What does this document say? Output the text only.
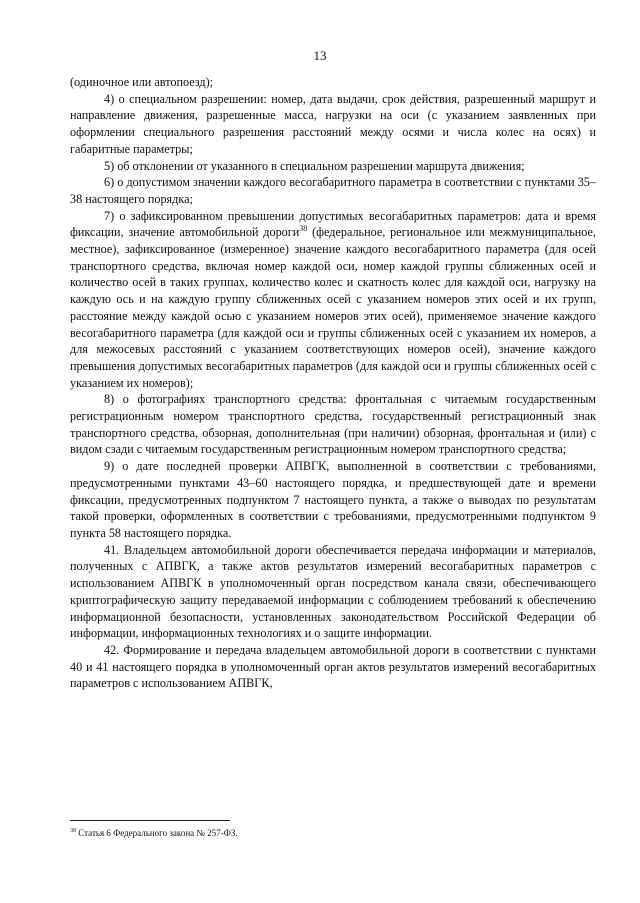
13

(одиночное или автопоезд);

4) о специальном разрешении: номер, дата выдачи, срок действия, разрешенный маршрут и направление движения, разрешенные масса, нагрузки на оси (с указанием заявленных при оформлении специального разрешения расстояний между осями и числа колес на осях) и габаритные параметры;

5) об отклонении от указанного в специальном разрешении маршрута движения;

6) о допустимом значении каждого весогабаритного параметра в соответствии с пунктами 35–38 настоящего порядка;

7) о зафиксированном превышении допустимых весогабаритных параметров: дата и время фиксации, значение автомобильной дороги$^{38}$ (федеральное, региональное или межмуниципальное, местное), зафиксированное (измеренное) значение каждого весогабаритного параметра (для осей транспортного средства, включая номер каждой оси, номер каждой группы сближенных осей и количество осей в таких группах, количество колес и скатность колес для каждой оси, нагрузку на каждую ось и на каждую группу сближенных осей с указанием номеров этих осей и их групп, расстояние между каждой осью с указанием номеров этих осей), применяемое значение каждого весогабаритного параметра (для каждой оси и группы сближенных осей с указанием их номеров, а для межосевых расстояний с указанием соответствующих номеров осей), значение каждого превышения допустимых весогабаритных параметров (для каждой оси и группы сближенных осей с указанием их номеров);

8) о фотографиях транспортного средства: фронтальная с читаемым государственным регистрационным номером транспортного средства, государственный регистрационный знак транспортного средства, обзорная, дополнительная (при наличии) обзорная, фронтальная и (или) с видом сзади с читаемым государственным регистрационным номером транспортного средства;

9) о дате последней проверки АПВГК, выполненной в соответствии с требованиями, предусмотренными пунктами 43–60 настоящего порядка, и предшествующей дате и времени фиксации, предусмотренных подпунктом 7 настоящего пункта, а также о выводах по результатам такой проверки, оформленных в соответствии с требованиями, предусмотренными подпунктом 9 пункта 58 настоящего порядка.

41. Владельцем автомобильной дороги обеспечивается передача информации и материалов, полученных с АПВГК, а также актов результатов измерений весогабаритных параметров с использованием АПВГК в уполномоченный орган посредством канала связи, обеспечивающего криптографическую защиту передаваемой информации с соблюдением требований к обеспечению информационной безопасности, установленных законодательством Российской Федерации об информации, информационных технологиях и о защите информации.

42. Формирование и передача владельцем автомобильной дороги в соответствии с пунктами 40 и 41 настоящего порядка в уполномоченный орган актов результатов измерений весогабаритных параметров с использованием АПВГК,

$^{38}$ Статья 6 Федерального закона № 257-ФЗ.
